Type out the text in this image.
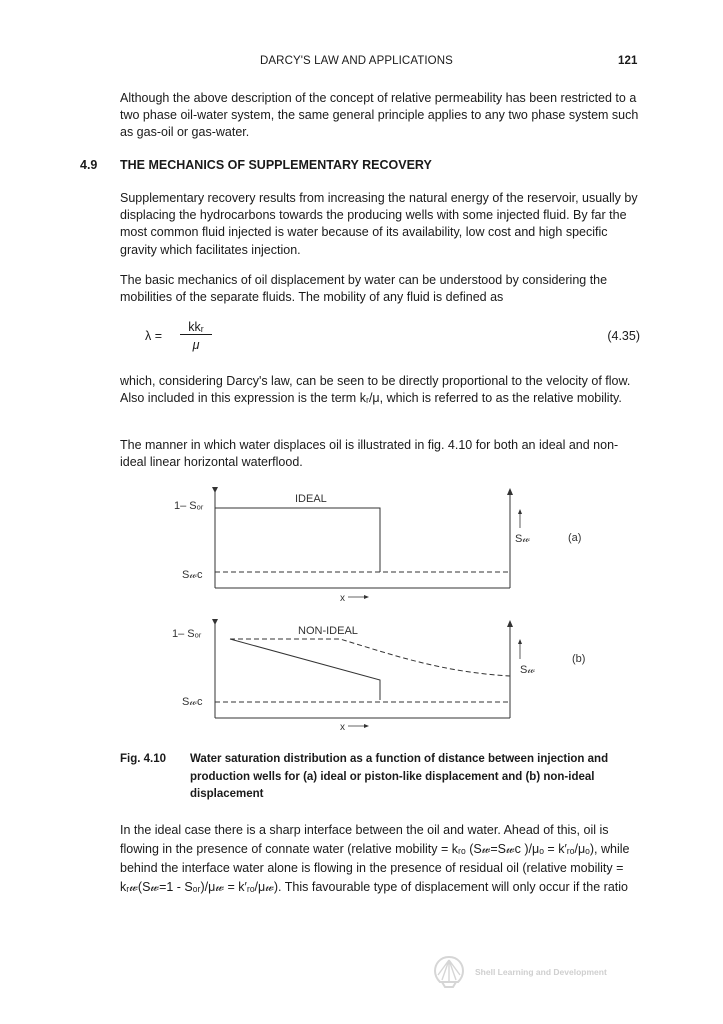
DARCY'S LAW AND APPLICATIONS	121
Although the above description of the concept of relative permeability has been restricted to a two phase oil-water system, the same general principle applies to any two phase system such as gas-oil or gas-water.
4.9 THE MECHANICS OF SUPPLEMENTARY RECOVERY
Supplementary recovery results from increasing the natural energy of the reservoir, usually by displacing the hydrocarbons towards the producing wells with some injected fluid. By far the most common fluid injected is water because of its availability, low cost and high specific gravity which facilitates injection.
The basic mechanics of oil displacement by water can be understood by considering the mobilities of the separate fluids. The mobility of any fluid is defined as
λ =
kkᵣ
μ
(4.35)
which, considering Darcy's law, can be seen to be directly proportional to the velocity of flow. Also included in this expression is the term kᵣ/μ, which is referred to as the relative mobility.
The manner in which water displaces oil is illustrated in fig. 4.10 for both an ideal and non-ideal linear horizontal waterflood.
1– Sₒᵣ
S𝓌c
IDEAL
S𝓌	(a)
x
1– Sₒᵣ
S𝓌c
NON-IDEAL
S𝓌
(b)
x
Fig. 4.10	Water saturation distribution as a function of distance between injection and production wells for (a) ideal or piston-like displacement and (b) non-ideal displacement
In the ideal case there is a sharp interface between the oil and water. Ahead of this, oil is flowing in the presence of connate water (relative mobility = kᵣₒ (S𝓌=S𝓌c )/μₒ = k′ᵣₒ/μₒ), while behind the interface water alone is flowing in the presence of residual oil (relative mobility = kᵣ𝓌(S𝓌=1 - Sₒᵣ)/μ𝓌 = k′ᵣₒ/μ𝓌). This favourable type of displacement will only occur if the ratio
Shell Learning and Development
